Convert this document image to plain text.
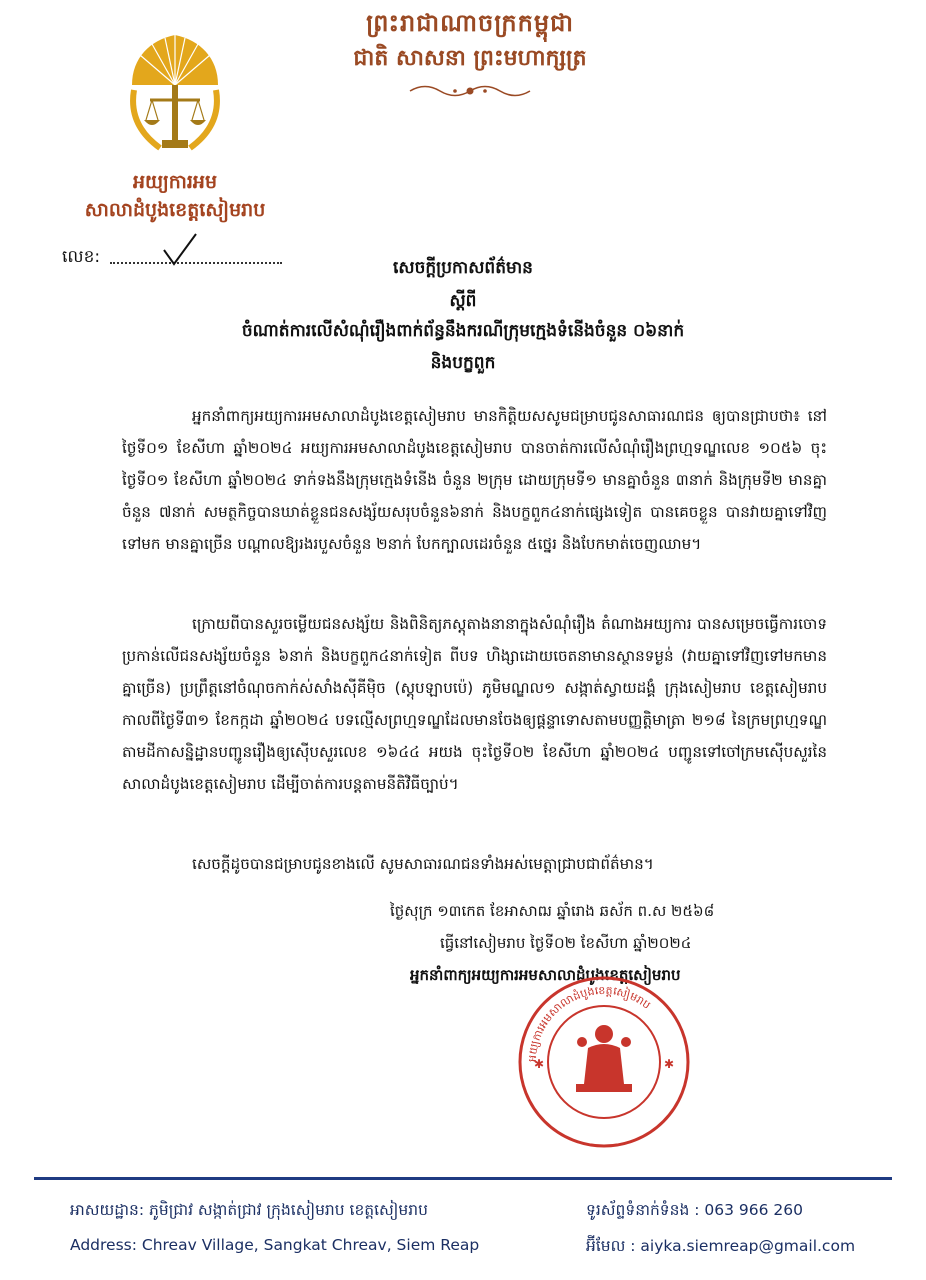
ព្រះរាជាណាចក្រកម្ពុជា
ជាតិ សាសនា ព្រះមហាក្សត្រ
អយ្យការអម
សាលាដំបូងខេត្តសៀមរាប
លេខ:
សេចក្តីប្រកាសព័ត៌មាន
ស្តីពី
ចំណាត់ការលើសំណុំរឿងពាក់ព័ន្ធនឹងករណីក្រុមក្មេងទំនើងចំនួន ០៦នាក់
និងបក្ខពួក
អ្នកនាំពាក្យអយ្យការអមសាលាដំបូងខេត្តសៀមរាប មានកិត្តិយសសូមជម្រាបជូនសាធារណជន ឲ្យបានជ្រាបថា៖ នៅថ្ងៃទី០១ ខែសីហា ឆ្នាំ២០២៤ អយ្យការអមសាលាដំបូងខេត្តសៀមរាប បានចាត់ការលើសំណុំរឿងព្រហ្មទណ្ឌលេខ ១០៥៦ ចុះថ្ងៃទី០១ ខែសីហា ឆ្នាំ២០២៤ ទាក់ទងនឹងក្រុមក្មេងទំនើង ចំនួន ២ក្រុម ដោយក្រុមទី១ មានគ្នាចំនួន ៣នាក់ និងក្រុមទី២ មានគ្នាចំនួន ៧នាក់ សមត្ថកិច្ចបានឃាត់ខ្លួនជនសង្ស័យសរុបចំនួន៦នាក់ និងបក្ខពួក៤នាក់ផ្សេងទៀត បានគេចខ្លួន បានវាយគ្នាទៅវិញទៅមក មានគ្នាច្រើន បណ្តាលឱ្យរងរបួសចំនួន ២នាក់ បែកក្បាលដេរចំនួន ៥ថ្នេរ និងបែកមាត់ចេញឈាម។
ក្រោយពីបានសួរចម្លើយជនសង្ស័យ និងពិនិត្យភស្តុតាងនានាក្នុងសំណុំរឿង តំណាងអយ្យការ បានសម្រេចធ្វើការចោទប្រកាន់លើជនសង្ស័យចំនួន ៦នាក់ និងបក្ខពួក៤នាក់ទៀត ពីបទ ហិង្សាដោយចេតនាមានស្ថានទម្ងន់ (វាយគ្នាទៅវិញទៅមកមានគ្នាច្រើន) ប្រព្រឹត្តនៅចំណុចកាក់ស់សាំងស៊ីគីម៉ិច (ស្តុបឡាបប៉េ) ភូមិមណ្ឌល១ សង្កាត់ស្វាយដង្គំ ក្រុងសៀមរាប ខេត្តសៀមរាប កាលពីថ្ងៃទី៣១ ខែកក្កដា ឆ្នាំ២០២៤ បទល្មើសព្រហ្មទណ្ឌដែលមានចែងឲ្យផ្តន្ទាទោសតាមបញ្ញត្តិមាត្រា ២១៨ នៃក្រមព្រហ្មទណ្ឌ តាមដីកាសន្និដ្ឋានបញ្ជូនរឿងឲ្យស៊ើបសួរលេខ ១៦៤៤ អយង ចុះថ្ងៃទី០២ ខែសីហា ឆ្នាំ២០២៤ បញ្ជូនទៅចៅក្រមស៊ើបសួរនៃសាលាដំបូងខេត្តសៀមរាប ដើម្បីចាត់ការបន្តតាមនីតិវិធីច្បាប់។
សេចក្តីដូចបានជម្រាបជូនខាងលើ សូមសាធារណជនទាំងអស់មេត្តាជ្រាបជាព័ត៌មាន។
ថ្ងៃសុក្រ ១៣កេត ខែអាសាឍ ឆ្នាំរោង ឆស័ក ព.ស ២៥៦៨
ធ្វើនៅសៀមរាប ថ្ងៃទី០២ ខែសីហា ឆ្នាំ២០២៤
អ្នកនាំពាក្យអយ្យការអមសាលាដំបូងខេត្តសៀមរាប
អយ្យការអមសាលាដំបូងខេត្តសៀមរាប
✱	✱
អាសយដ្ឋាន: ភូមិជ្រាវ សង្កាត់ជ្រាវ ក្រុងសៀមរាប ខេត្តសៀមរាប
Address: Chreav Village, Sangkat Chreav, Siem Reap
ទូរស័ព្ទទំនាក់ទំនង : 063 966 260
អ៊ីមែល : aiyka.siemreap@gmail.com
